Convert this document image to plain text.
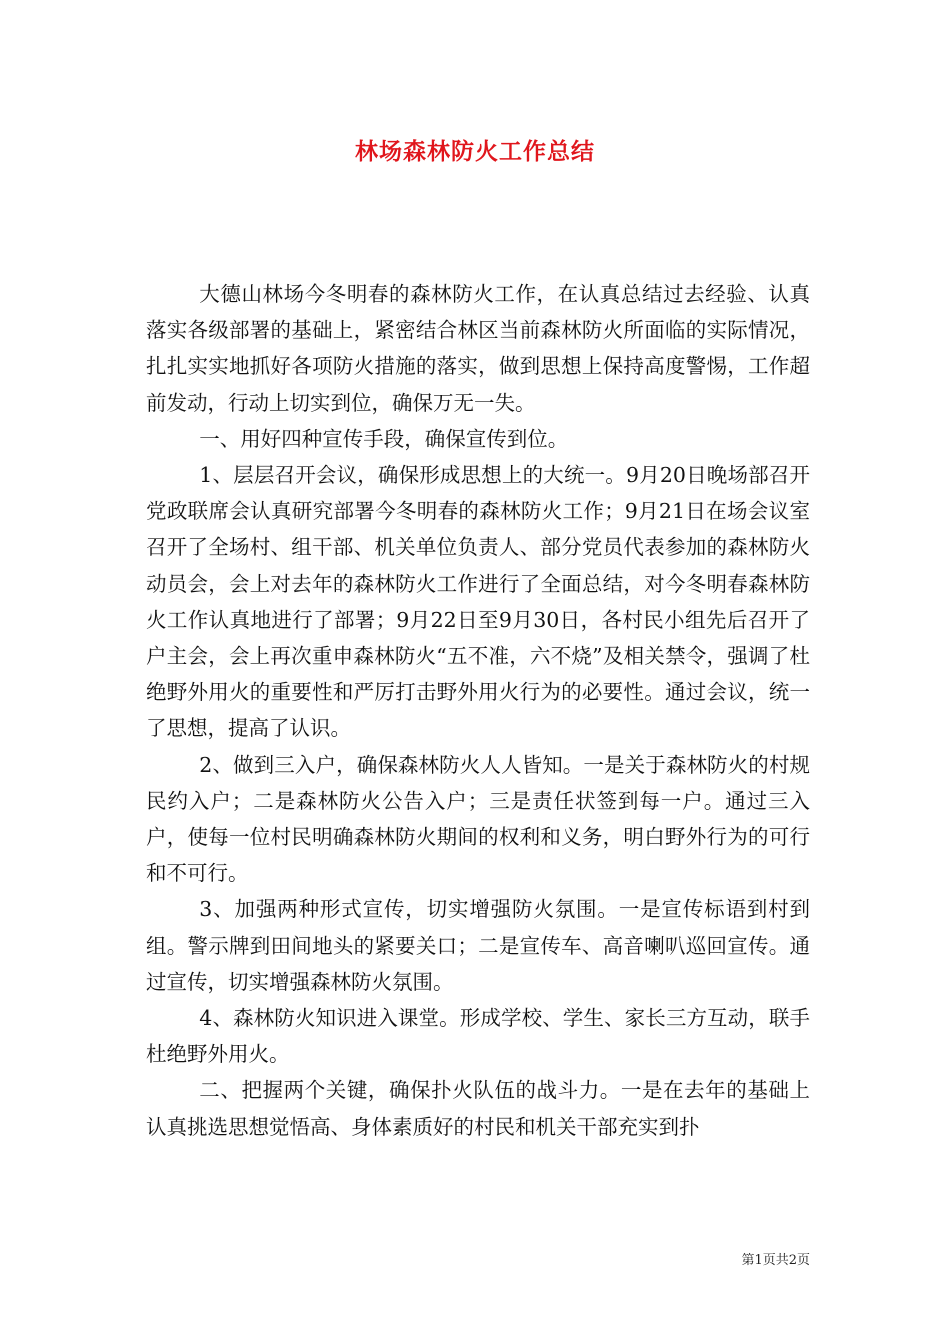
林场森林防火工作总结

大德山林场今冬明春的森林防火工作，在认真总结过去经验、认真落实各级部署的基础上，紧密结合林区当前森林防火所面临的实际情况，扎扎实实地抓好各项防火措施的落实，做到思想上保持高度警惕，工作超前发动，行动上切实到位，确保万无一失。

一、用好四种宣传手段，确保宣传到位。

1、层层召开会议，确保形成思想上的大统一。9月20日晚场部召开党政联席会认真研究部署今冬明春的森林防火工作；9月21日在场会议室召开了全场村、组干部、机关单位负责人、部分党员代表参加的森林防火动员会，会上对去年的森林防火工作进行了全面总结，对今冬明春森林防火工作认真地进行了部署；9月22日至9月30日，各村民小组先后召开了户主会，会上再次重申森林防火“五不准，六不烧”及相关禁令，强调了杜绝野外用火的重要性和严厉打击野外用火行为的必要性。通过会议，统一了思想，提高了认识。

2、做到三入户，确保森林防火人人皆知。一是关于森林防火的村规民约入户；二是森林防火公告入户；三是责任状签到每一户。通过三入户，使每一位村民明确森林防火期间的权利和义务，明白野外行为的可行和不可行。

3、加强两种形式宣传，切实增强防火氛围。一是宣传标语到村到组。警示牌到田间地头的紧要关口；二是宣传车、高音喇叭巡回宣传。通过宣传，切实增强森林防火氛围。

4、森林防火知识进入课堂。形成学校、学生、家长三方互动，联手杜绝野外用火。

二、把握两个关键，确保扑火队伍的战斗力。一是在去年的基础上认真挑选思想觉悟高、身体素质好的村民和机关干部充实到扑

第1页共2页
